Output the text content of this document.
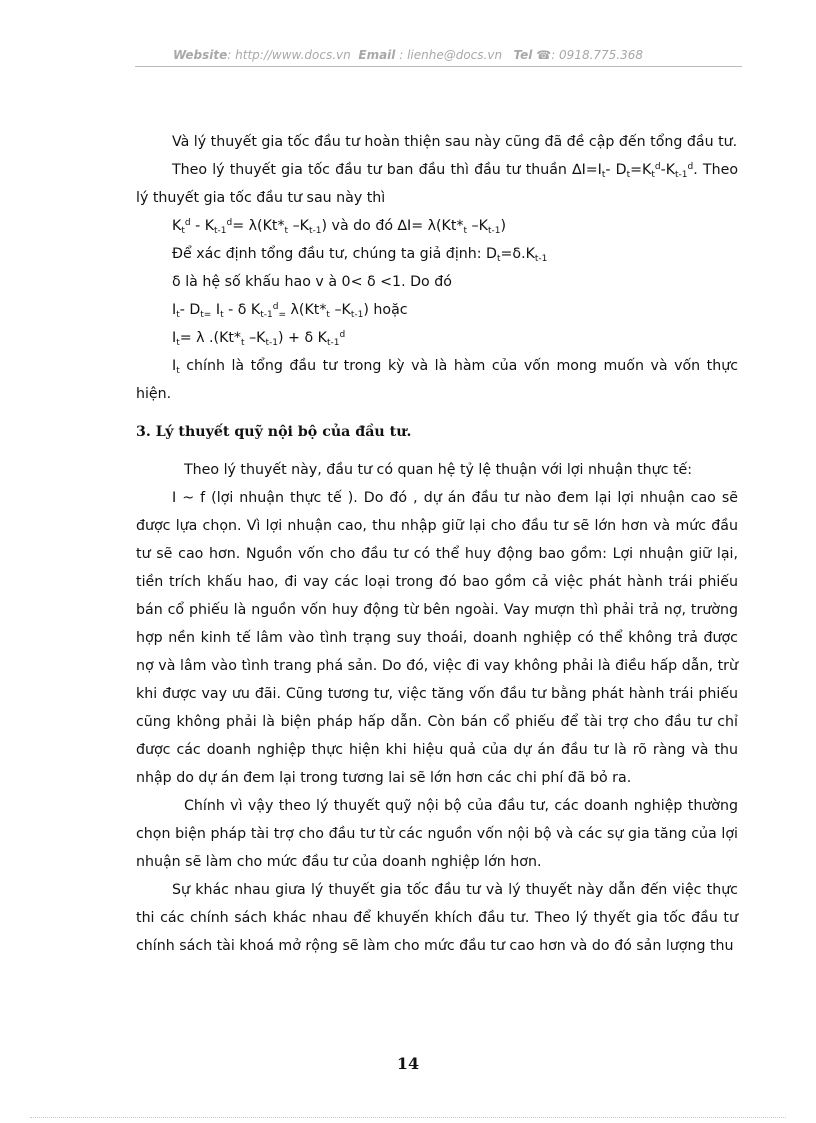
Website: http://www.docs.vn Email : lienhe@docs.vn Tel ☎: 0918.775.368

Và lý thuyết gia tốc đầu tư hoàn thiện sau này cũng đã đề cập đến tổng đầu tư.

Theo lý thuyết gia tốc đầu tư ban đầu thì đầu tư thuần $\Delta I=I_t-$ $D_t=K_t^d-K_{t-1}^d$. Theo lý thuyết gia tốc đầu tư sau này thì

$K_t^d - K_{t-1}^d= \lambda(Kt*_t$ $-K_{t-1}$) và do đó $\Delta I= \lambda(Kt*_t$ $-K_{t-1}$)

Để xác định tổng đầu tư, chúng ta giả định: $D_t=\delta.K_{t-1}$

δ là hệ số khấu hao v à 0< δ <1. Do đó

$I_t-$ $D_{t=}$ $I_t$ - δ $K_{t-1}^d_=$ $\lambda(Kt*_t$ $-K_{t-1}$) hoặc

$I_t= \lambda$ $.(Kt*_t$ $-K_{t-1}) + \delta$ $K_{t-1}^d$

$I_t$ chính là tổng đầu tư trong kỳ và là hàm của vốn mong muốn và vốn thực hiện.

3. Lý thuyết quỹ nội bộ của đầu tư.

Theo lý thuyết này, đầu tư có quan hệ tỷ lệ thuận với lợi nhuận thực tế:

I ~ f (lợi nhuận thực tế ). Do đó , dự án đầu tư nào đem lại lợi nhuận cao sẽ được lựa chọn. Vì lợi nhuận cao, thu nhập giữ lại cho đầu tư sẽ lớn hơn và mức đầu tư sẽ cao hơn. Nguồn vốn cho đầu tư có thể huy động bao gồm: Lợi nhuận giữ lại, tiền trích khấu hao, đi vay các loại trong đó bao gồm cả việc phát hành trái phiếu bán cổ phiếu là nguồn vốn huy động từ bên ngoài. Vay mượn thì phải trả nợ, trường hợp nền kinh tế lâm vào tình trạng suy thoái, doanh nghiệp có thể không trả được nợ và lâm vào tình trang phá sản. Do đó, việc đi vay không phải là điều hấp dẫn, trừ khi được vay ưu đãi. Cũng tương tư, việc tăng vốn đầu tư bằng phát hành trái phiếu cũng không phải là biện pháp hấp dẫn. Còn bán cổ phiếu để tài trợ cho đầu tư chỉ được các doanh nghiệp thực hiện khi hiệu quả của dự án đầu tư là rõ ràng và thu nhập do dự án đem lại trong tương lai sẽ lớn hơn các chi phí đã bỏ ra.

Chính vì vậy theo lý thuyết quỹ nội bộ của đầu tư, các doanh nghiệp thường chọn biện pháp tài trợ cho đầu tư từ các nguồn vốn nội bộ và các sự gia tăng của lợi nhuận sẽ làm cho mức đầu tư của doanh nghiệp lớn hơn.

Sự khác nhau giưa lý thuyết gia tốc đầu tư và lý thuyết này dẫn đến việc thực thi các chính sách khác nhau để khuyến khích đầu tư. Theo lý thyết gia tốc đầu tư chính sách tài khoá mở rộng sẽ làm cho mức đầu tư cao hơn và do đó sản lượng thu

14
